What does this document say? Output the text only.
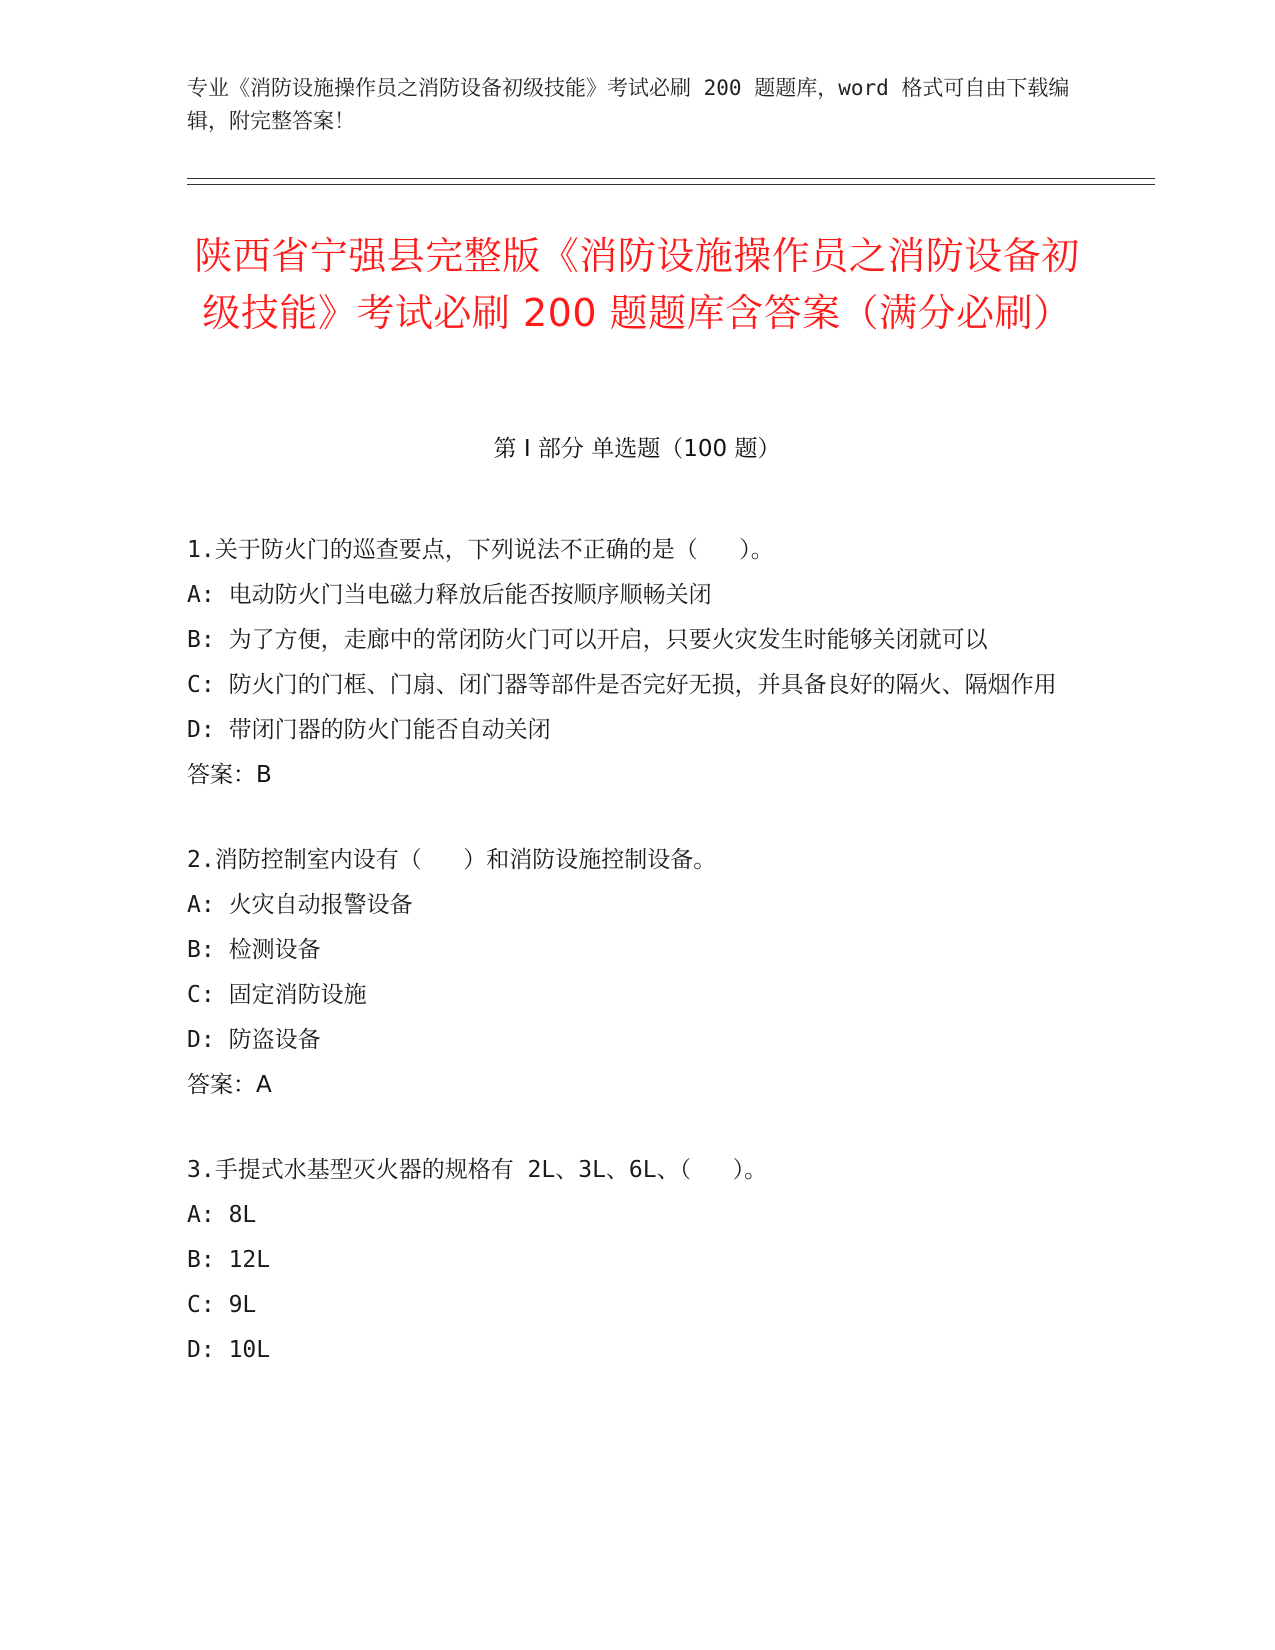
专业《消防设施操作员之消防设备初级技能》考试必刷 200 题题库，word 格式可自由下载编辑，附完整答案！
陕西省宁强县完整版《消防设施操作员之消防设备初级技能》考试必刷 200 题题库含答案（满分必刷）
第 I 部分 单选题（100 题）
1.关于防火门的巡查要点，下列说法不正确的是（   ）。
A: 电动防火门当电磁力释放后能否按顺序顺畅关闭
B: 为了方便，走廊中的常闭防火门可以开启，只要火灾发生时能够关闭就可以
C: 防火门的门框、门扇、闭门器等部件是否完好无损，并具备良好的隔火、隔烟作用
D: 带闭门器的防火门能否自动关闭
答案：B
2.消防控制室内设有（   ）和消防设施控制设备。
A: 火灾自动报警设备
B: 检测设备
C: 固定消防设施
D: 防盗设备
答案：A
3.手提式水基型灭火器的规格有 2L、3L、6L、（   ）。
A: 8L
B: 12L
C: 9L
D: 10L
